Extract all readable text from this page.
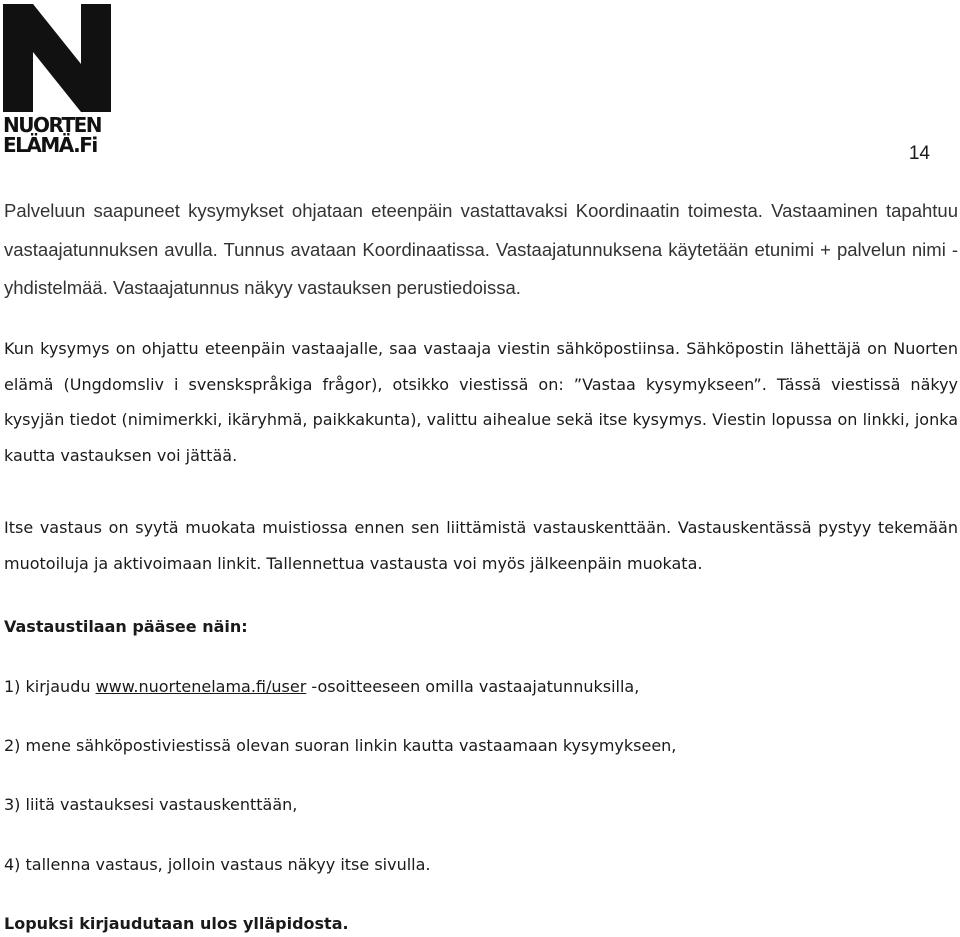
NUORTEN
ELÄMÄ.Fi	14

Palveluun saapuneet kysymykset ohjataan eteenpäin vastattavaksi Koordinaatin toimesta. Vastaaminen tapahtuu vastaajatunnuksen avulla. Tunnus avataan Koordinaatissa. Vastaajatunnuksena käytetään etunimi + palvelun nimi -yhdistelmää. Vastaajatunnus näkyy vastauksen perustiedoissa.

Kun kysymys on ohjattu eteenpäin vastaajalle, saa vastaaja viestin sähköpostiinsa. Sähköpostin lähettäjä on Nuorten elämä (Ungdomsliv i svenskspråkiga frågor), otsikko viestissä on: ”Vastaa kysymykseen”. Tässä viestissä näkyy kysyjän tiedot (nimimerkki, ikäryhmä, paikkakunta), valittu aihealue sekä itse kysymys. Viestin lopussa on linkki, jonka kautta vastauksen voi jättää.

Itse vastaus on syytä muokata muistiossa ennen sen liittämistä vastauskenttään. Vastauskentässä pystyy tekemään muotoiluja ja aktivoimaan linkit. Tallennettua vastausta voi myös jälkeenpäin muokata.

Vastaustilaan pääsee näin:

1) kirjaudu www.nuortenelama.fi/user -osoitteeseen omilla vastaajatunnuksilla,

2) mene sähköpostiviestissä olevan suoran linkin kautta vastaamaan kysymykseen,

3) liitä vastauksesi vastauskenttään,

4) tallenna vastaus, jolloin vastaus näkyy itse sivulla.

Lopuksi kirjaudutaan ulos ylläpidosta.
